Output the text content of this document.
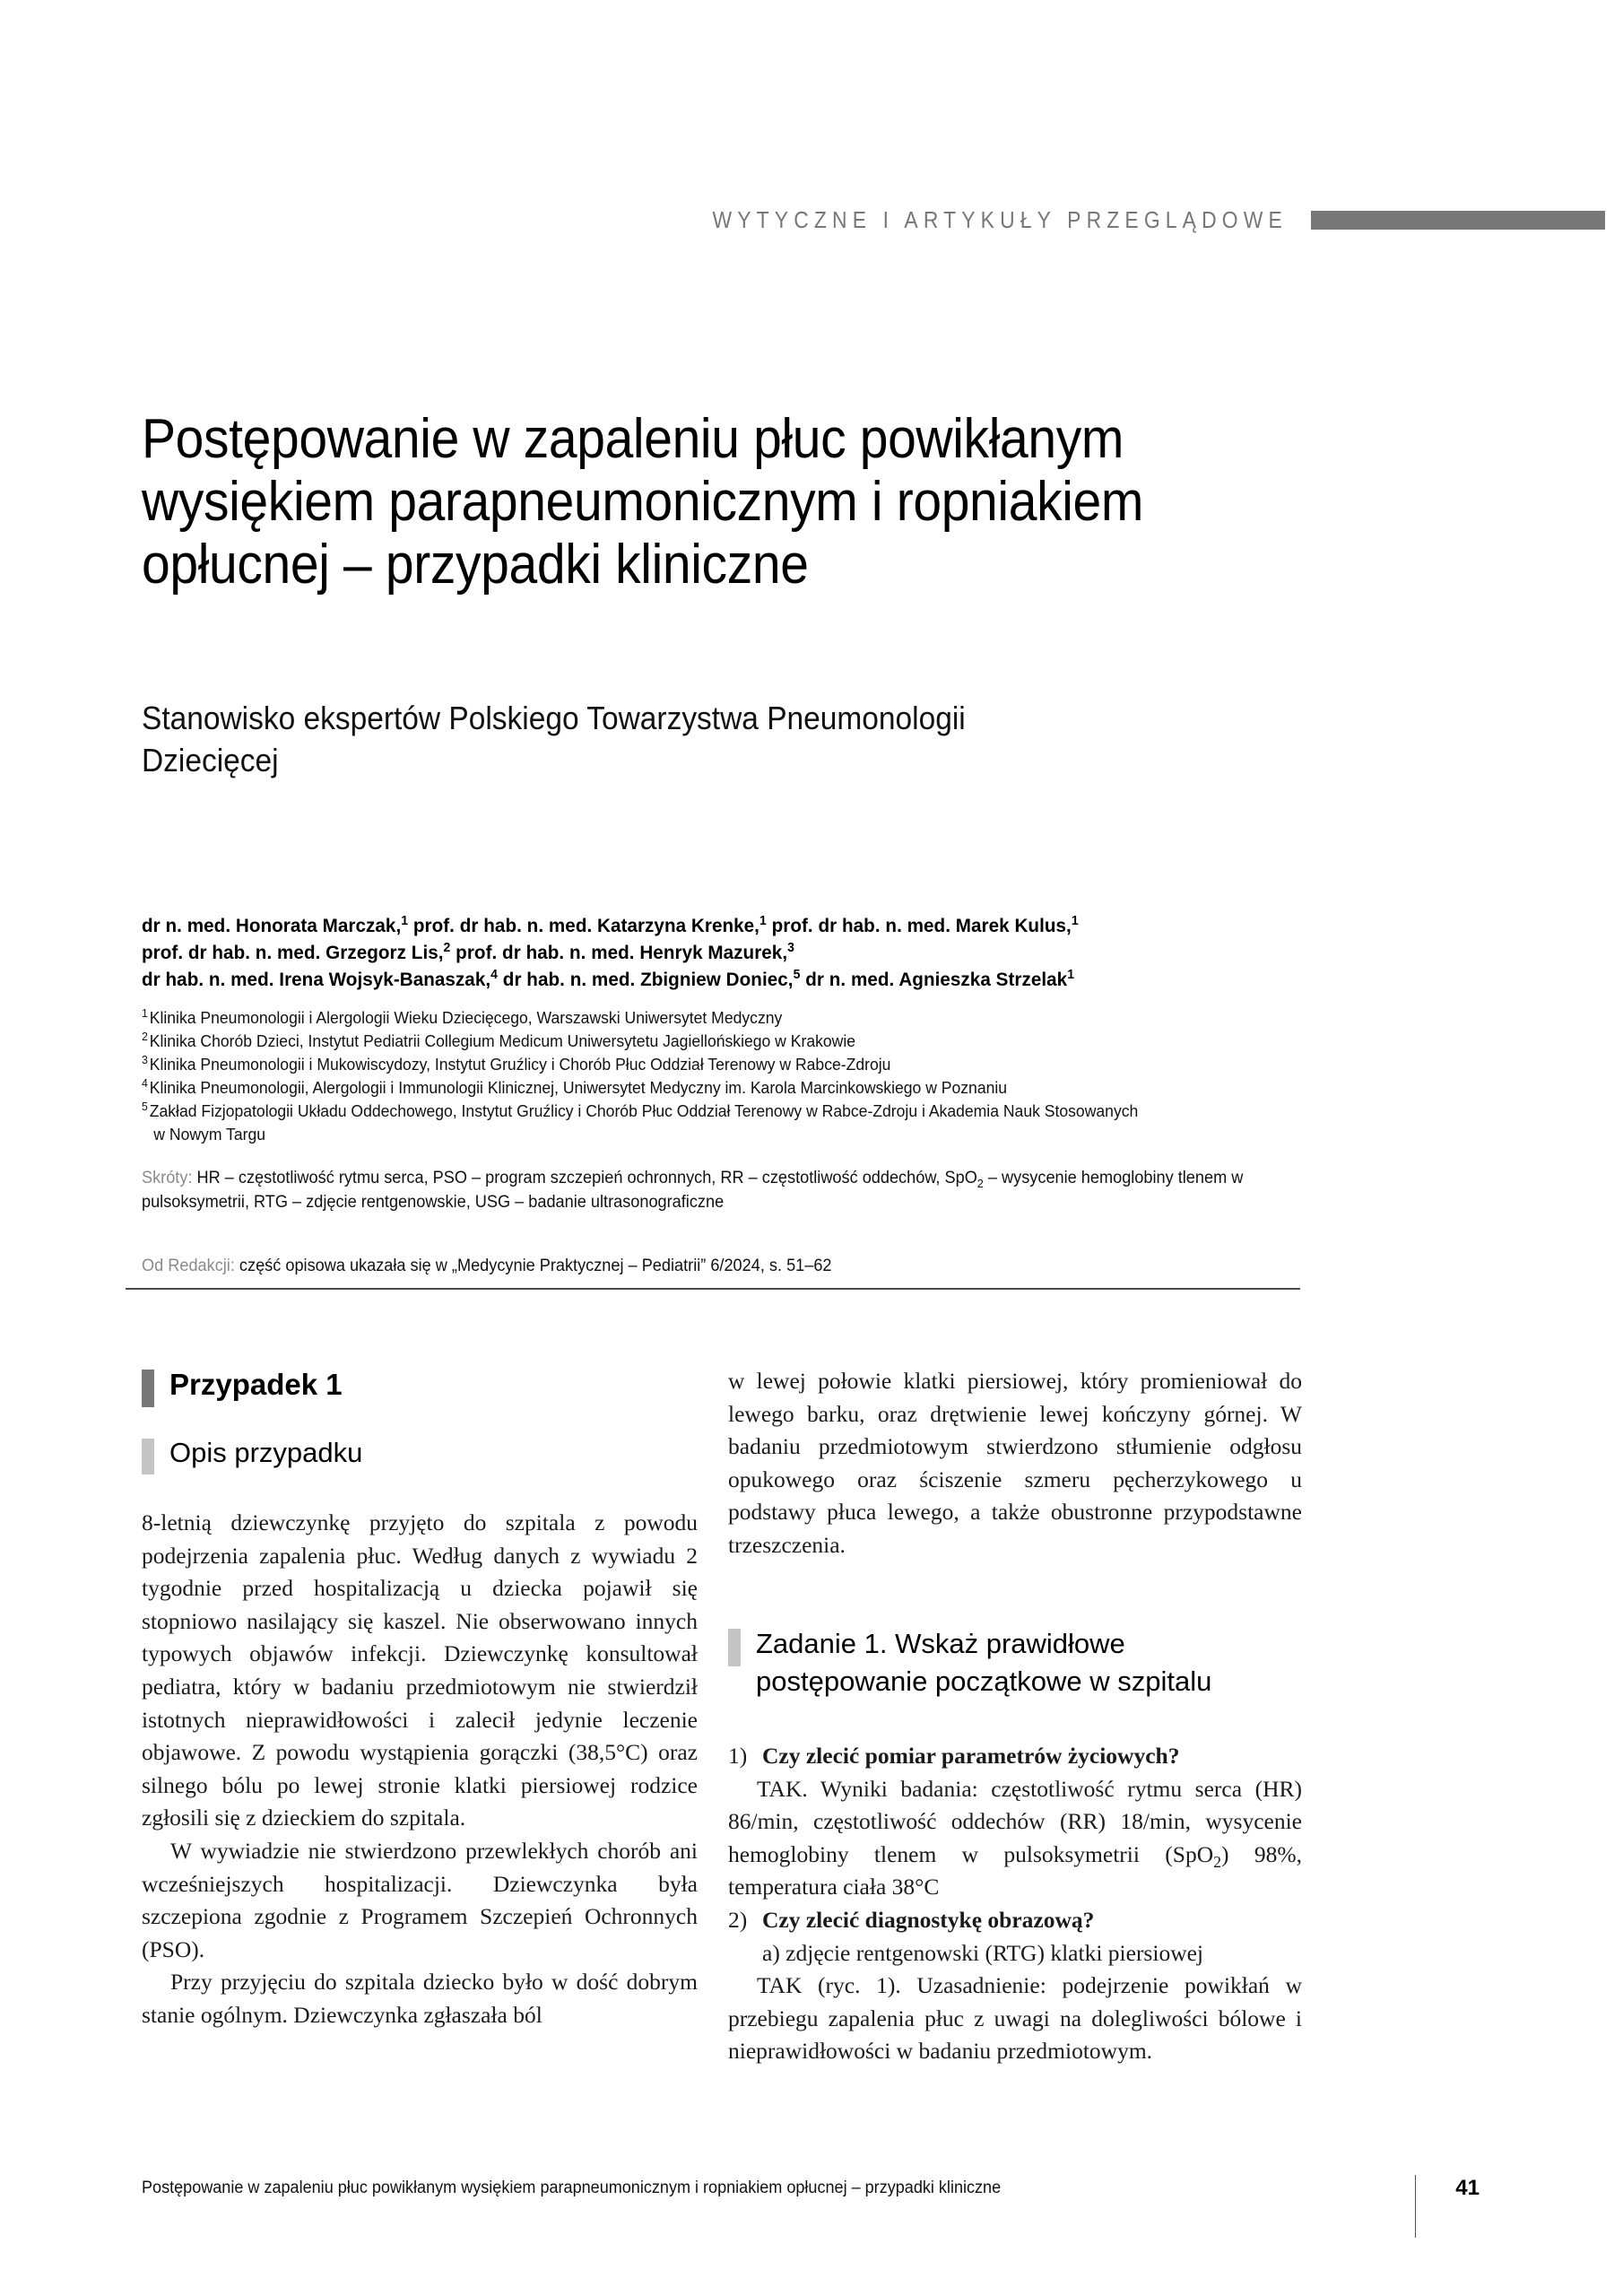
WYTYCZNE I ARTYKUŁY PRZEGLĄDOWE
Postępowanie w zapaleniu płuc powikłanym wysiękiem parapneumonicznym i ropniakiem opłucnej – przypadki kliniczne
Stanowisko ekspertów Polskiego Towarzystwa Pneumonologii Dziecięcej
dr n. med. Honorata Marczak,$^1$ prof. dr hab. n. med. Katarzyna Krenke,$^1$ prof. dr hab. n. med. Marek Kulus,$^1$
prof. dr hab. n. med. Grzegorz Lis,$^2$ prof. dr hab. n. med. Henryk Mazurek,$^3$
dr hab. n. med. Irena Wojsyk-Banaszak,$^4$ dr hab. n. med. Zbigniew Doniec,$^5$ dr n. med. Agnieszka Strzelak$^1$
$^1$ Klinika Pneumonologii i Alergologii Wieku Dziecięcego, Warszawski Uniwersytet Medyczny
$^2$ Klinika Chorób Dzieci, Instytut Pediatrii Collegium Medicum Uniwersytetu Jagiellońskiego w Krakowie
$^3$ Klinika Pneumonologii i Mukowiscydozy, Instytut Gruźlicy i Chorób Płuc Oddział Terenowy w Rabce-Zdroju
$^4$ Klinika Pneumonologii, Alergologii i Immunologii Klinicznej, Uniwersytet Medyczny im. Karola Marcinkowskiego w Poznaniu
$^5$ Zakład Fizjopatologii Układu Oddechowego, Instytut Gruźlicy i Chorób Płuc Oddział Terenowy w Rabce-Zdroju i Akademia Nauk Stosowanych
w Nowym Targu
Skróty: HR – częstotliwość rytmu serca, PSO – program szczepień ochronnych, RR – częstotliwość oddechów, SpO$_2$ – wysycenie hemoglobiny tlenem w pulsoksymetrii, RTG – zdjęcie rentgenowskie, USG – badanie ultrasonograficzne
Od Redakcji: część opisowa ukazała się w „Medycynie Praktycznej – Pediatrii” 6/2024, s. 51–62
Przypadek 1
Opis przypadku

8-letnią dziewczynkę przyjęto do szpitala z powodu podejrzenia zapalenia płuc. Według danych z wywiadu 2 tygodnie przed hospitalizacją u dziecka pojawił się stopniowo nasilający się kaszel. Nie obserwowano innych typowych objawów infekcji. Dziewczynkę konsultował pediatra, który w badaniu przedmiotowym nie stwierdził istotnych nieprawidłowości i zalecił jedynie leczenie objawowe. Z powodu wystąpienia gorączki (38,5°C) oraz silnego bólu po lewej stronie klatki piersiowej rodzice zgłosili się z dzieckiem do szpitala.

W wywiadzie nie stwierdzono przewlekłych chorób ani wcześniejszych hospitalizacji. Dziewczynka była szczepiona zgodnie z Programem Szczepień Ochronnych (PSO).

Przy przyjęciu do szpitala dziecko było w dość dobrym stanie ogólnym. Dziewczynka zgłaszała ból

w lewej połowie klatki piersiowej, który promieniował do lewego barku, oraz drętwienie lewej kończyny górnej. W badaniu przedmiotowym stwierdzono stłumienie odgłosu opukowego oraz ściszenie szmeru pęcherzykowego u podstawy płuca lewego, a także obustronne przypodstawne trzeszczenia.

Zadanie 1. Wskaż prawidłowe
postępowanie początkowe w szpitalu
1) Czy zlecić pomiar parametrów życiowych?

TAK. Wyniki badania: częstotliwość rytmu serca (HR) 86/min, częstotliwość oddechów (RR) 18/min, wysycenie hemoglobiny tlenem w pulsoksymetrii (SpO$_2$) 98%, temperatura ciała 38°C

2) Czy zlecić diagnostykę obrazową?

a) zdjęcie rentgenowski (RTG) klatki piersiowej

TAK (ryc. 1). Uzasadnienie: podejrzenie powikłań w przebiegu zapalenia płuc z uwagi na dolegliwości bólowe i nieprawidłowości w badaniu przedmiotowym.

Postępowanie w zapaleniu płuc powikłanym wysiękiem parapneumonicznym i ropniakiem opłucnej – przypadki kliniczne	41
